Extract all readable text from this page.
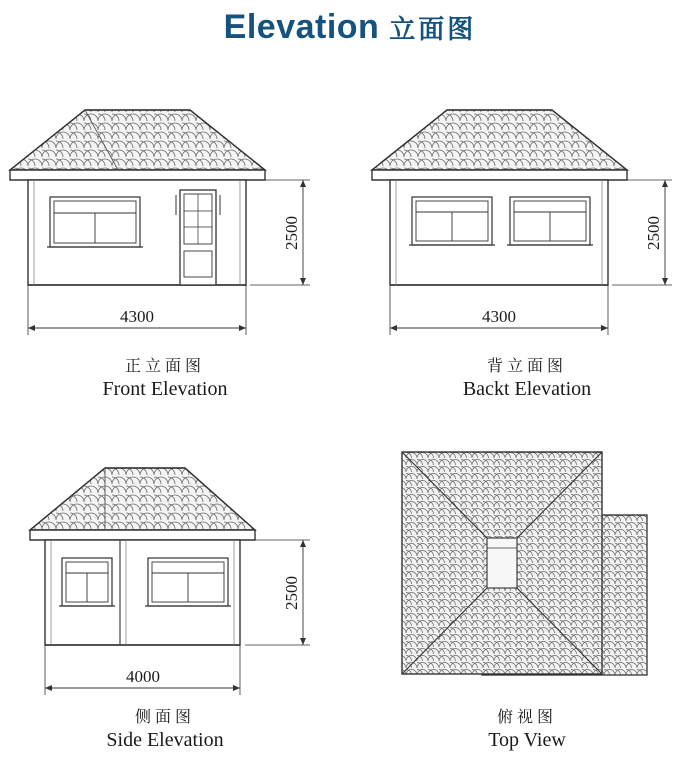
Elevation 立面图
2500
4300
正立面图
Front Elevation
2500
4300
背立面图
Backt Elevation
2500
4000
侧面图
Side Elevation
俯视图
Top View
